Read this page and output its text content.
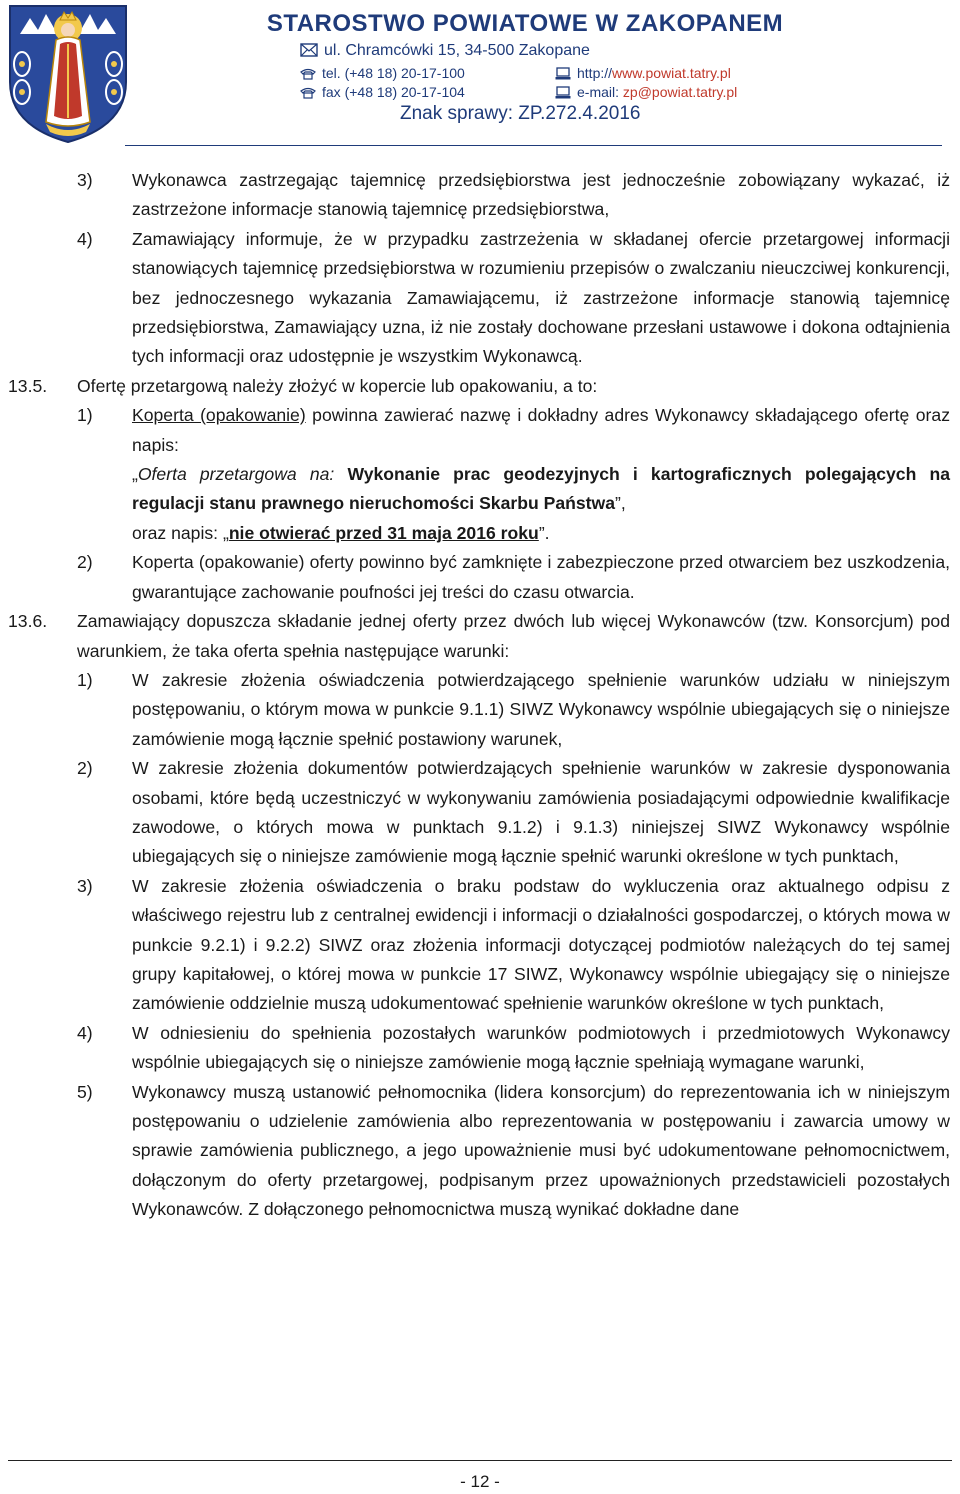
STAROSTWO POWIATOWE W ZAKOPANEM
ul. Chramcówki 15, 34-500 Zakopane
tel. (+48 18) 20-17-100
fax (+48 18) 20-17-104
http://www.powiat.tatry.pl
e-mail: zp@powiat.tatry.pl
Znak sprawy: ZP.272.4.2016
3) Wykonawca zastrzegając tajemnicę przedsiębiorstwa jest jednocześnie zobowiązany wykazać, iż zastrzeżone informacje stanowią tajemnicę przedsiębiorstwa,
4) Zamawiający informuje, że w przypadku zastrzeżenia w składanej ofercie przetargowej informacji stanowiących tajemnicę przedsiębiorstwa w rozumieniu przepisów o zwalczaniu nieuczciwej konkurencji, bez jednoczesnego wykazania Zamawiającemu, iż zastrzeżone informacje stanowią tajemnicę przedsiębiorstwa, Zamawiający uzna, iż nie zostały dochowane przesłani ustawowe i dokona odtajnienia tych informacji oraz udostępnie je wszystkim Wykonawcą.
13.5. Ofertę przetargową należy złożyć w kopercie lub opakowaniu, a to:
1) Koperta (opakowanie) powinna zawierać nazwę i dokładny adres Wykonawcy składającego ofertę oraz napis:
„Oferta przetargowa na: Wykonanie prac geodezyjnych i kartograficznych polegających na regulacji stanu prawnego nieruchomości Skarbu Państwa”,
oraz napis: „nie otwierać przed 31 maja 2016 roku”.
2) Koperta (opakowanie) oferty powinno być zamknięte i zabezpieczone przed otwarciem bez uszkodzenia, gwarantujące zachowanie poufności jej treści do czasu otwarcia.
13.6. Zamawiający dopuszcza składanie jednej oferty przez dwóch lub więcej Wykonawców (tzw. Konsorcjum) pod warunkiem, że taka oferta spełnia następujące warunki:
1) W zakresie złożenia oświadczenia potwierdzającego spełnienie warunków udziału w niniejszym postępowaniu, o którym mowa w punkcie 9.1.1) SIWZ Wykonawcy wspólnie ubiegających się o niniejsze zamówienie mogą łącznie spełnić postawiony warunek,
2) W zakresie złożenia dokumentów potwierdzających spełnienie warunków w zakresie dysponowania osobami, które będą uczestniczyć w wykonywaniu zamówienia posiadającymi odpowiednie kwalifikacje zawodowe, o których mowa w punktach 9.1.2) i 9.1.3) niniejszej SIWZ Wykonawcy wspólnie ubiegających się o niniejsze zamówienie mogą łącznie spełnić warunki określone w tych punktach,
3) W zakresie złożenia oświadczenia o braku podstaw do wykluczenia oraz aktualnego odpisu z właściwego rejestru lub z centralnej ewidencji i informacji o działalności gospodarczej, o których mowa w punkcie 9.2.1) i 9.2.2) SIWZ oraz złożenia informacji dotyczącej podmiotów należących do tej samej grupy kapitałowej, o której mowa w punkcie 17 SIWZ, Wykonawcy wspólnie ubiegający się o niniejsze zamówienie oddzielnie muszą udokumentować spełnienie warunków określone w tych punktach,
4) W odniesieniu do spełnienia pozostałych warunków podmiotowych i przedmiotowych Wykonawcy wspólnie ubiegających się o niniejsze zamówienie mogą łącznie spełniają wymagane warunki,
5) Wykonawcy muszą ustanowić pełnomocnika (lidera konsorcjum) do reprezentowania ich w niniejszym postępowaniu o udzielenie zamówienia albo reprezentowania w postępowaniu i zawarcia umowy w sprawie zamówienia publicznego, a jego upoważnienie musi być udokumentowane pełnomocnictwem, dołączonym do oferty przetargowej, podpisanym przez upoważnionych przedstawicieli pozostałych Wykonawców. Z dołączonego pełnomocnictwa muszą wynikać dokładne dane
- 12 -
